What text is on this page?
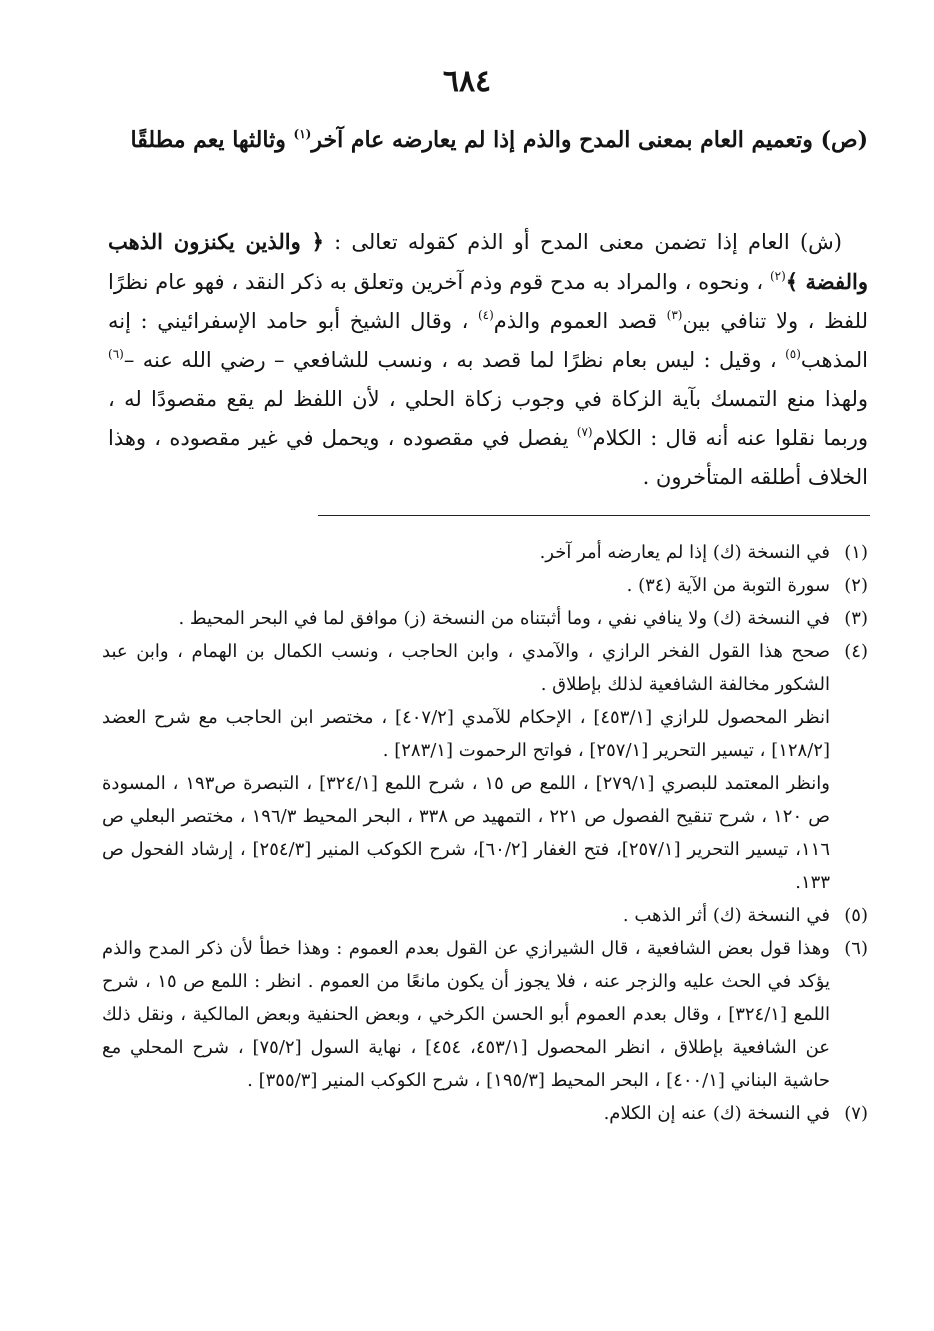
٦٨٤

(ص) وتعميم العام بمعنى المدح والذم إذا لم يعارضه عام آخر$^{(١)}$ وثالثها يعم مطلقًا

(ش) العام إذا تضمن معنى المدح أو الذم كقوله تعالى : ﴿ والذين يكنزون الذهب والفضة ﴾$^{(٢)}$ ، ونحوه ، والمراد به مدح قوم وذم آخرين وتعلق به ذكر النقد ، فهو عام نظرًا للفظ ، ولا تنافي بين$^{(٣)}$ قصد العموم والذم$^{(٤)}$ ، وقال الشيخ أبو حامد الإسفرائيني : إنه المذهب$^{(٥)}$ ، وقيل : ليس بعام نظرًا لما قصد به ، ونسب للشافعي – رضي الله عنه –$^{(٦)}$ ولهذا منع التمسك بآية الزكاة في وجوب زكاة الحلي ، لأن اللفظ لم يقع مقصودًا له ، وربما نقلوا عنه أنه قال : الكلام$^{(٧)}$ يفصل في مقصوده ، ويحمل في غير مقصوده ، وهذا الخلاف أطلقه المتأخرون .

(١)

في النسخة (ك) إذا لم يعارضه أمر آخر.

(٢)

سورة التوبة من الآية (٣٤) .

(٣)

في النسخة (ك) ولا ينافي نفي ، وما أثبتناه من النسخة (ز) موافق لما في البحر المحيط .

(٤)

صحح هذا القول الفخر الرازي ، والآمدي ، وابن الحاجب ، ونسب الكمال بن الهمام ، وابن عبد الشكور مخالفة الشافعية لذلك بإطلاق .

انظر المحصول للرازي [٤٥٣/١] ، الإحكام للآمدي [٤٠٧/٢] ، مختصر ابن الحاجب مع شرح العضد [١٢٨/٢] ، تيسير التحرير [٢٥٧/١] ، فواتح الرحموت [٢٨٣/١] .

وانظر المعتمد للبصري [٢٧٩/١] ، اللمع ص ١٥ ، شرح اللمع [٣٢٤/١] ، التبصرة ص١٩٣ ، المسودة ص ١٢٠ ، شرح تنقيح الفصول ص ٢٢١ ، التمهيد ص ٣٣٨ ، البحر المحيط ١٩٦/٣ ، مختصر البعلي ص ١١٦، تيسير التحرير [٢٥٧/١]، فتح الغفار [٦٠/٢]، شرح الكوكب المنير [٢٥٤/٣] ، إرشاد الفحول ص ١٣٣.

(٥)

في النسخة (ك) أثر الذهب .

(٦)

وهذا قول بعض الشافعية ، قال الشيرازي عن القول بعدم العموم : وهذا خطأ لأن ذكر المدح والذم يؤكد في الحث عليه والزجر عنه ، فلا يجوز أن يكون مانعًا من العموم . انظر : اللمع ص ١٥ ، شرح اللمع [٣٢٤/١] ، وقال بعدم العموم أبو الحسن الكرخي ، وبعض الحنفية وبعض المالكية ، ونقل ذلك عن الشافعية بإطلاق ، انظر المحصول [٤٥٣/١، ٤٥٤] ، نهاية السول [٧٥/٢] ، شرح المحلي مع حاشية البناني [٤٠٠/١] ، البحر المحيط [١٩٥/٣] ، شرح الكوكب المنير [٣٥٥/٣] .

(٧)

في النسخة (ك) عنه إن الكلام.
